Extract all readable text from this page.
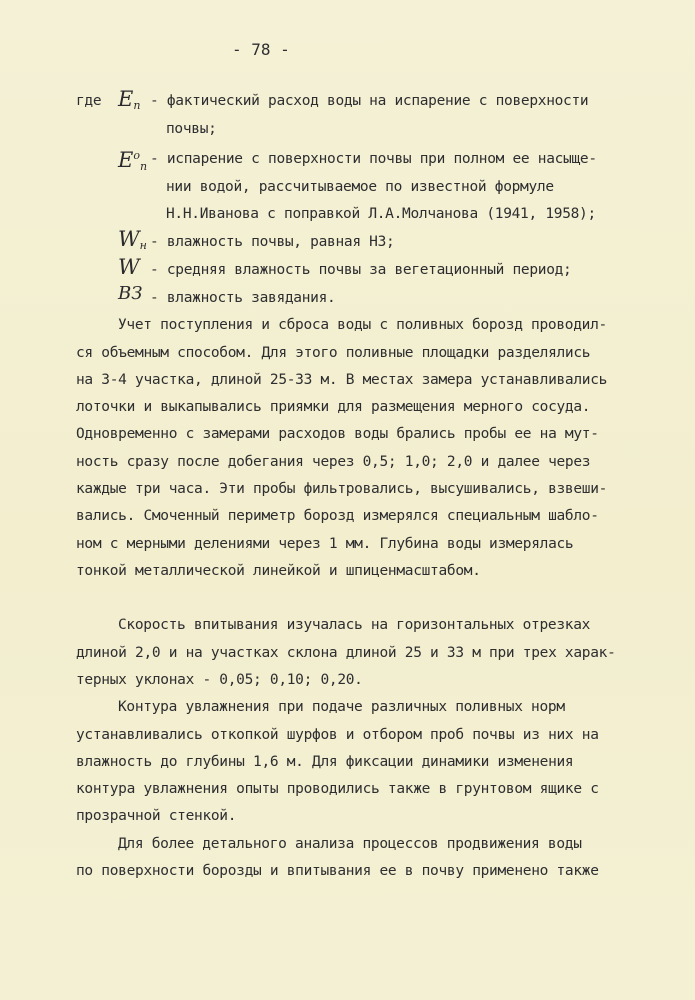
- 78 -
где $E_п$ - фактический расход воды на испарение с поверхности
почвы;
$E^о_п$ - испарение с поверхности почвы при полном ее насыще-
нии водой, рассчитываемое по известной формуле
Н.Н.Иванова с поправкой Л.А.Молчанова (1941, 1958);
$W_н$ - влажность почвы, равная НЗ;
W - средняя влажность почвы за вегетационный период;
ВЗ - влажность завядания.
Учет поступления и сброса воды с поливных борозд проводил-
ся объемным способом. Для этого поливные площадки разделялись
на 3-4 участка, длиной 25-33 м. В местах замера устанавливались
лоточки и выкапывались приямки для размещения мерного сосуда.
Одновременно с замерами расходов воды брались пробы ее на мут-
ность сразу после добегания через 0,5; 1,0; 2,0 и далее через
каждые три часа. Эти пробы фильтровались, высушивались, взвеши-
вались. Смоченный периметр борозд измерялся специальным шабло-
ном с мерными делениями через 1 мм. Глубина воды измерялась
тонкой металлической линейкой и шпиценмасштабом.
Скорость впитывания изучалась на горизонтальных отрезках
длиной 2,0 и на участках склона длиной 25 и 33 м при трех харак-
терных уклонах - 0,05; 0,10; 0,20.
Контура увлажнения при подаче различных поливных норм
устанавливались откопкой шурфов и отбором проб почвы из них на
влажность до глубины 1,6 м. Для фиксации динамики изменения
контура увлажнения опыты проводились также в грунтовом ящике с
прозрачной стенкой.
Для более детального анализа процессов продвижения воды
по поверхности борозды и впитывания ее в почву применено также
